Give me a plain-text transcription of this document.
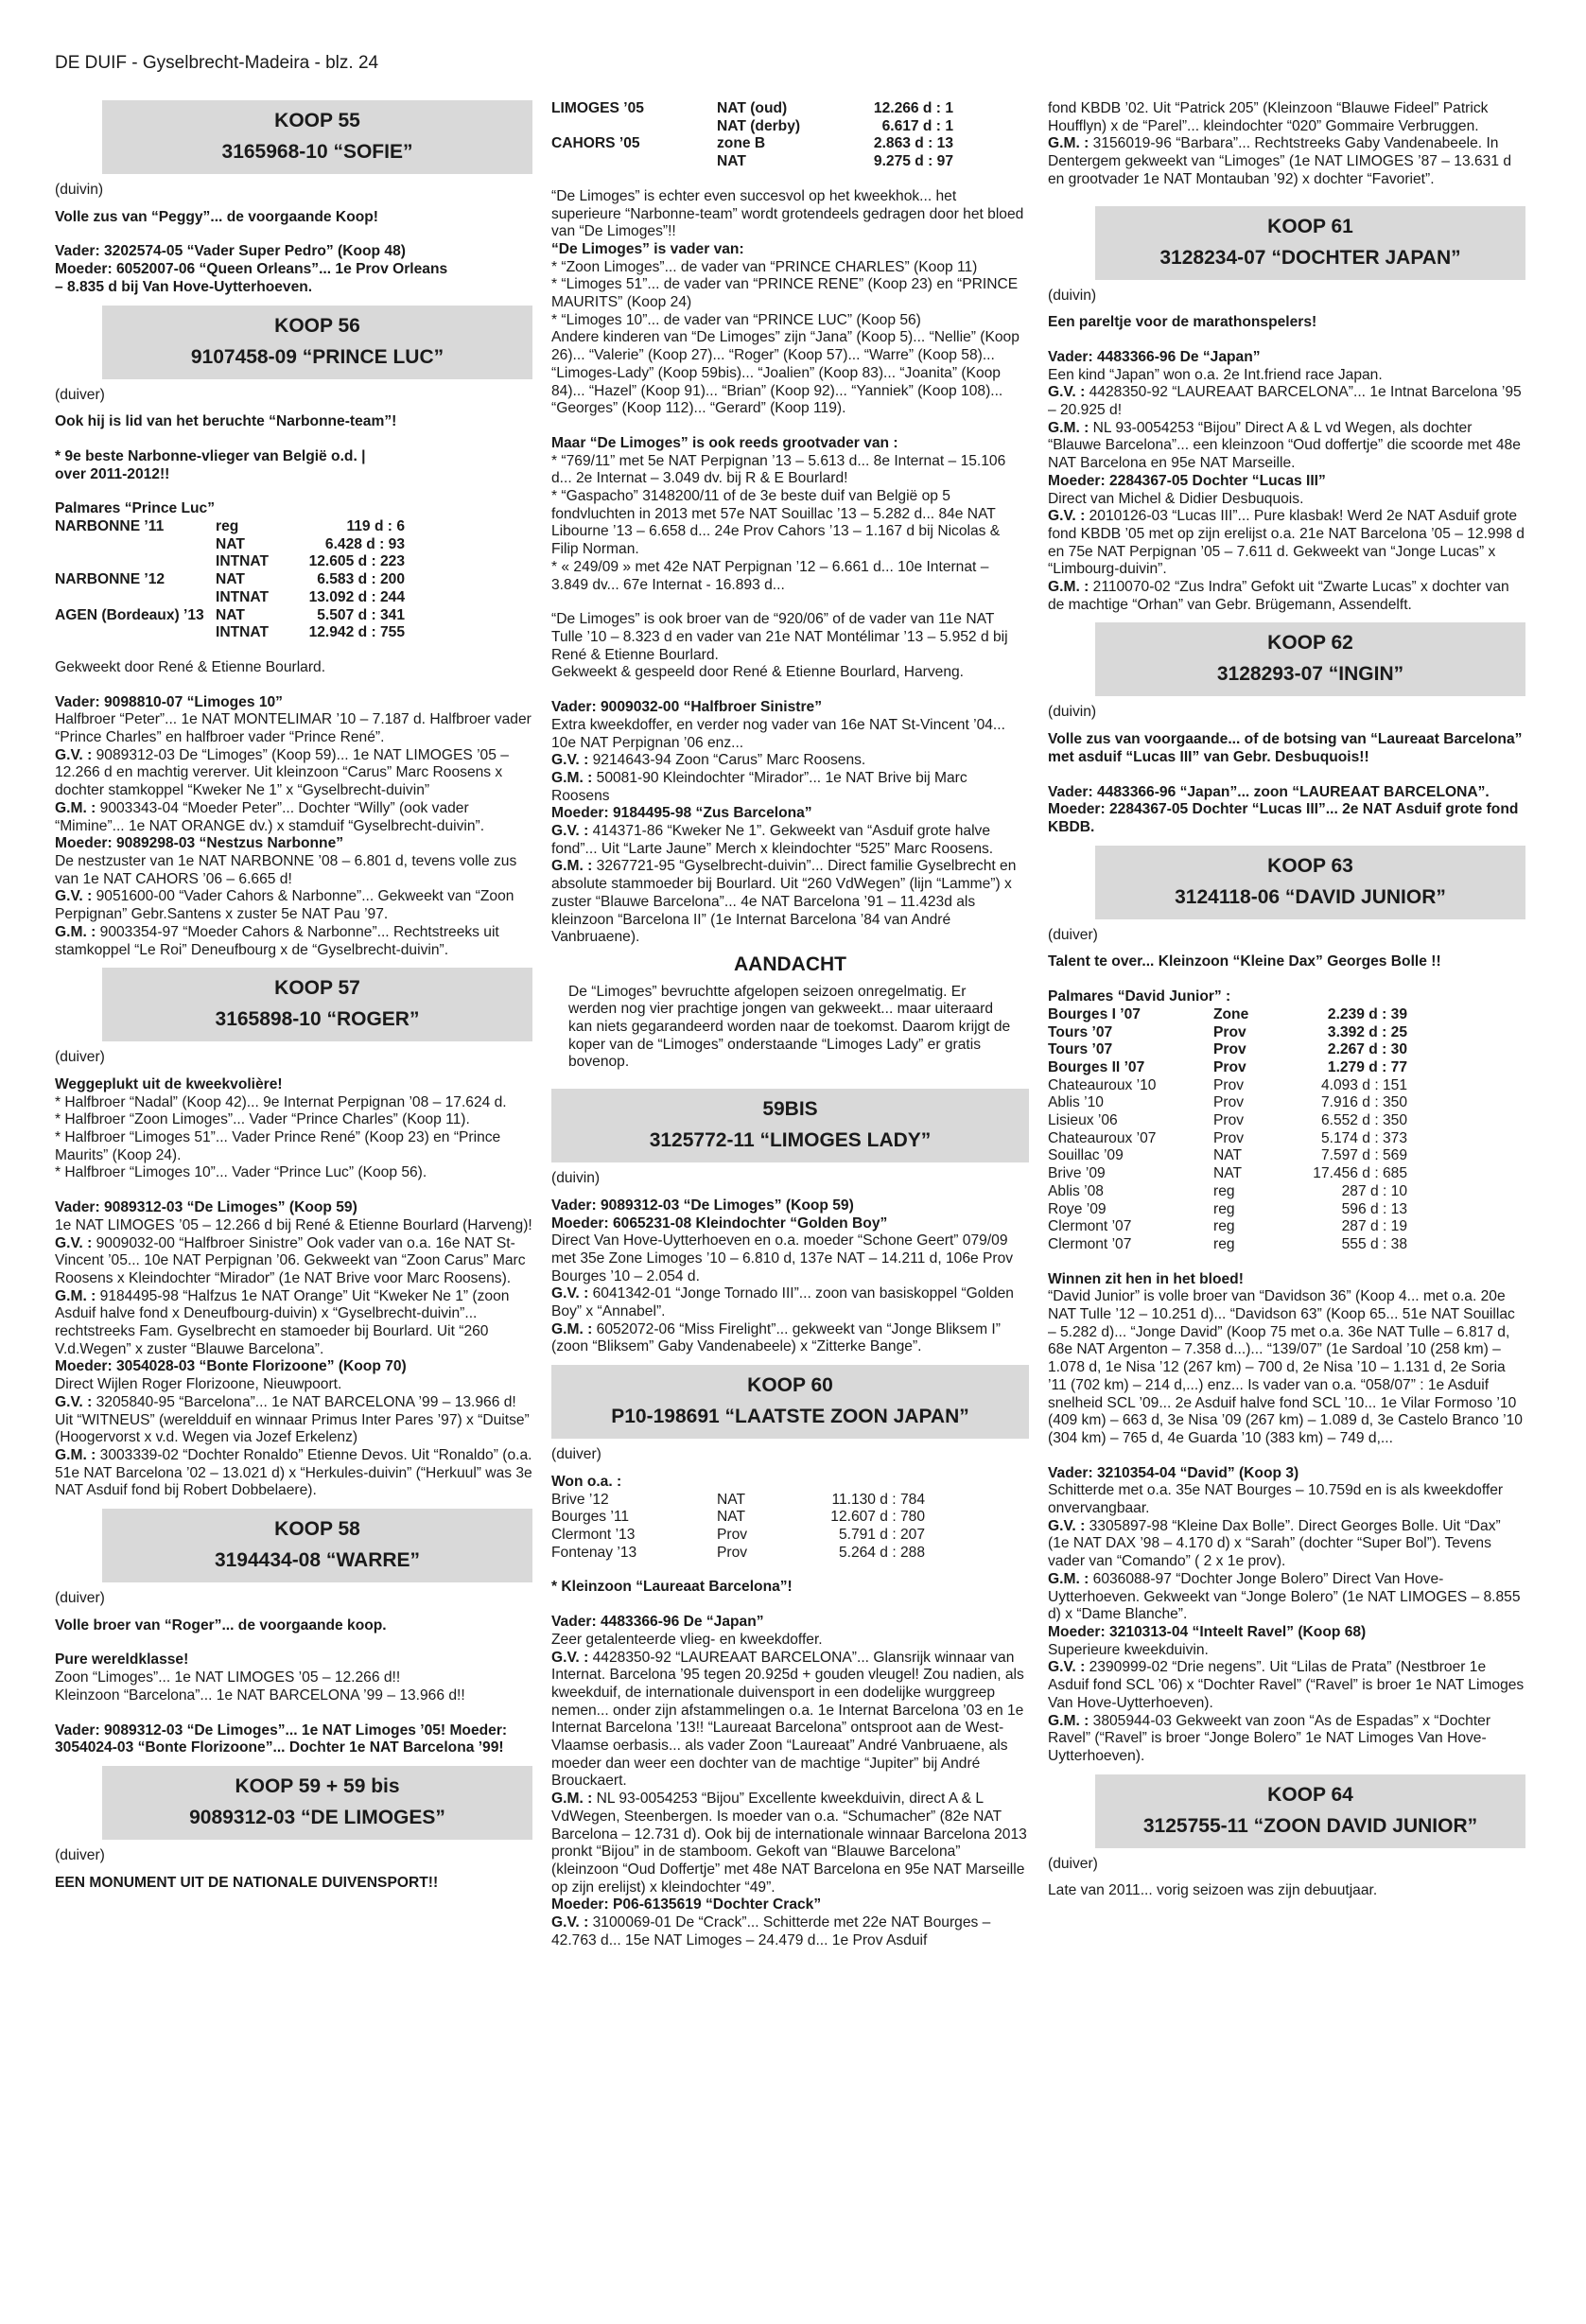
DE DUIF - Gyselbrecht-Madeira - blz. 24
KOOP 55
3165968-10 “SOFIE”
(duivin)

Volle zus van “Peggy”... de voorgaande Koop!

Vader: 3202574-05 “Vader Super Pedro” (Koop 48)

Moeder: 6052007-06 “Queen Orleans”... 1e Prov Orleans

– 8.835 d bij Van Hove-Uytterhoeven.

KOOP 56
9107458-09 “PRINCE LUC”
(duiver)

Ook hij is lid van het beruchte “Narbonne-team”!

* 9e beste Narbonne-vlieger van België o.d. |

over 2011-2012!!

Palmares “Prince Luc”

NARBONNE ’11	reg	119 d : 6
	NAT	6.428 d : 93
	INTNAT	12.605 d : 223
NARBONNE ’12	NAT	6.583 d : 200
	INTNAT	13.092 d : 244
AGEN (Bordeaux) ’13	NAT	5.507 d : 341
	INTNAT	12.942 d : 755

Gekweekt door René & Etienne Bourlard.

Vader: 9098810-07 “Limoges 10”

Halfbroer “Peter”... 1e NAT MONTELIMAR ’10 – 7.187 d. Halfbroer vader “Prince Charles” en halfbroer vader “Prince René”.

G.V. : 9089312-03 De “Limoges” (Koop 59)... 1e NAT LIMOGES ’05 – 12.266 d en machtig vererver. Uit kleinzoon “Carus” Marc Roosens x dochter stamkoppel “Kweker Ne 1” x “Gyselbrecht-duivin”

G.M. : 9003343-04 “Moeder Peter”... Dochter “Willy” (ook vader “Mimine”... 1e NAT ORANGE dv.) x stamduif “Gyselbrecht-duivin”.

Moeder: 9089298-03 “Nestzus Narbonne”

De nestzuster van 1e NAT NARBONNE ’08 – 6.801 d, tevens volle zus van 1e NAT CAHORS ’06 – 6.665 d!

G.V. : 9051600-00 “Vader Cahors & Narbonne”... Gekweekt van “Zoon Perpignan” Gebr.Santens x zuster 5e NAT Pau ’97.

G.M. : 9003354-97 “Moeder Cahors & Narbonne”... Rechtstreeks uit stamkoppel “Le Roi” Deneufbourg x de “Gyselbrecht-duivin”.

KOOP 57
3165898-10 “ROGER”
(duiver)

Weggeplukt uit de kweekvolière!

* Halfbroer “Nadal” (Koop 42)... 9e Internat Perpignan ’08 – 17.624 d.

* Halfbroer “Zoon Limoges”... Vader “Prince Charles” (Koop 11).

* Halfbroer “Limoges 51”... Vader Prince René” (Koop 23) en “Prince Maurits” (Koop 24).

* Halfbroer “Limoges 10”... Vader “Prince Luc” (Koop 56).

Vader: 9089312-03 “De Limoges” (Koop 59)

1e NAT LIMOGES ’05 – 12.266 d bij René & Etienne Bourlard (Harveng)!

G.V. : 9009032-00 “Halfbroer Sinistre” Ook vader van o.a. 16e NAT St-Vincent ’05... 10e NAT Perpignan ’06. Gekweekt van “Zoon Carus” Marc Roosens x Kleindochter “Mirador” (1e NAT Brive voor Marc Roosens).

G.M. : 9184495-98 “Halfzus 1e NAT Orange” Uit “Kweker Ne 1” (zoon Asduif halve fond x Deneufbourg-duivin) x “Gyselbrecht-duivin”... rechtstreeks Fam. Gyselbrecht en stamoeder bij Bourlard. Uit “260 V.d.Wegen” x zuster “Blauwe Barcelona”.

Moeder: 3054028-03 “Bonte Florizoone” (Koop 70)

Direct Wijlen Roger Florizoone, Nieuwpoort.

G.V. : 3205840-95 “Barcelona”... 1e NAT BARCELONA ’99 – 13.966 d! Uit “WITNEUS” (wereldduif en winnaar Primus Inter Pares ’97) x “Duitse” (Hoogervorst x v.d. Wegen via Jozef Erkelenz)

G.M. : 3003339-02 “Dochter Ronaldo” Etienne Devos. Uit “Ronaldo” (o.a. 51e NAT Barcelona ’02 – 13.021 d) x “Herkules-duivin” (“Herkuul” was 3e NAT Asduif fond bij Robert Dobbelaere).

KOOP 58
3194434-08 “WARRE”
(duiver)

Volle broer van “Roger”... de voorgaande koop.

Pure wereldklasse!

Zoon “Limoges”... 1e NAT LIMOGES ’05 – 12.266 d!!

Kleinzoon “Barcelona”... 1e NAT BARCELONA ’99 – 13.966 d!!

Vader: 9089312-03 “De Limoges”... 1e NAT Limoges ’05! Moeder: 3054024-03 “Bonte Florizoone”... Dochter 1e NAT Barcelona ’99!

KOOP 59 + 59 bis
9089312-03 “DE LIMOGES”
(duiver)

EEN MONUMENT UIT DE NATIONALE DUIVENSPORT!!

LIMOGES ’05	NAT (oud)	12.266 d : 1
	NAT (derby)	6.617 d : 1
CAHORS ’05	zone B	2.863 d : 13
	NAT	9.275 d : 97

“De Limoges” is echter even succesvol op het kweekhok... het superieure “Narbonne-team” wordt grotendeels gedragen door het bloed van “De Limoges”!!

“De Limoges” is vader van:

* “Zoon Limoges”... de vader van “PRINCE CHARLES” (Koop 11)
* “Limoges 51”... de vader van “PRINCE RENE” (Koop 23) en “PRINCE MAURITS” (Koop 24)
* “Limoges 10”... de vader van “PRINCE LUC” (Koop 56)
Andere kinderen van “De Limoges” zijn “Jana” (Koop 5)... “Nellie” (Koop 26)... “Valerie” (Koop 27)... “Roger” (Koop 57)... “Warre” (Koop 58)... “Limoges-Lady” (Koop 59bis)... “Joalien” (Koop 83)... “Joanita” (Koop 84)... “Hazel” (Koop 91)... “Brian” (Koop 92)... “Yanniek” (Koop 108)... “Georges” (Koop 112)... “Gerard” (Koop 119).

Maar “De Limoges” is ook reeds grootvader van :

* “769/11” met 5e NAT Perpignan ’13 – 5.613 d... 8e Internat – 15.106 d... 2e Internat – 3.049 dv. bij R & E Bourlard!
* “Gaspacho” 3148200/11 of de 3e beste duif van België op 5 fondvluchten in 2013 met 57e NAT Souillac ’13 – 5.282 d... 84e NAT Libourne ’13 – 6.658 d... 24e Prov Cahors ’13 – 1.167 d bij Nicolas & Filip Norman.
* « 249/09 » met 42e NAT Perpignan ’12 – 6.661 d... 10e Internat – 3.849 dv... 67e Internat - 16.893 d...

“De Limoges” is ook broer van de “920/06” of de vader van 11e NAT Tulle ’10 – 8.323 d en vader van 21e NAT Montélimar ’13 – 5.952 d bij René & Etienne Bourlard.
Gekweekt & gespeeld door René & Etienne Bourlard, Harveng.

Vader: 9009032-00 “Halfbroer Sinistre”

Extra kweekdoffer, en verder nog vader van 16e NAT St-Vincent ’04... 10e NAT Perpignan ’06 enz...

G.V. : 9214643-94 Zoon “Carus” Marc Roosens.

G.M. : 50081-90 Kleindochter “Mirador”... 1e NAT Brive bij Marc Roosens

Moeder: 9184495-98 “Zus Barcelona”

G.V. : 414371-86 “Kweker Ne 1”. Gekweekt van “Asduif grote halve fond”... Uit “Larte Jaune” Merch x kleindochter “525” Marc Roosens.

G.M. : 3267721-95 “Gyselbrecht-duivin”... Direct familie Gyselbrecht en absolute stammoeder bij Bourlard. Uit “260 VdWegen” (lijn “Lamme”) x zuster “Blauwe Barcelona”... 4e NAT Barcelona ’91 – 11.423d als kleinzoon “Barcelona II” (1e Internat Barcelona ’84 van André Vanbruaene).

AANDACHT

De “Limoges” bevruchtte afgelopen seizoen onregelmatig. Er werden nog vier prachtige jongen van gekweekt... maar uiteraard kan niets gegarandeerd worden naar de toekomst. Daarom krijgt de koper van de “Limoges” onderstaande “Limoges Lady” er gratis bovenop.

59BIS
3125772-11 “LIMOGES LADY”
(duivin)

Vader: 9089312-03 “De Limoges” (Koop 59)

Moeder: 6065231-08 Kleindochter “Golden Boy”

Direct Van Hove-Uytterhoeven en o.a. moeder “Schone Geert” 079/09 met 35e Zone Limoges ’10 – 6.810 d, 137e NAT – 14.211 d, 106e Prov Bourges ’10 – 2.054 d.

G.V. : 6041342-01 “Jonge Tornado III”... zoon van basiskoppel “Golden Boy” x “Annabel”.

G.M. : 6052072-06 “Miss Firelight”... gekweekt van “Jonge Bliksem I” (zoon “Bliksem” Gaby Vandenabeele) x “Zitterke Bange”.

KOOP 60
P10-198691 “LAATSTE ZOON JAPAN”
(duiver)

Won o.a. :

Brive ’12	NAT	11.130 d : 784
Bourges ’11	NAT	12.607 d : 780
Clermont ’13	Prov	5.791 d : 207
Fontenay ’13	Prov	5.264 d : 288

* Kleinzoon “Laureaat Barcelona”!

Vader: 4483366-96 De “Japan”

Zeer getalenteerde vlieg- en kweekdoffer.

G.V. : 4428350-92 “LAUREAAT BARCELONA”... Glansrijk winnaar van Internat. Barcelona ’95 tegen 20.925d + gouden vleugel! Zou nadien, als kweekduif, de internationale duivensport in een dodelijke wurggreep nemen... onder zijn afstammelingen o.a. 1e Internat Barcelona ’03 en 1e Internat Barcelona ’13!! “Laureaat Barcelona” ontsproot aan de West-Vlaamse oerbasis... als vader Zoon “Laureaat” André Vanbruaene, als moeder dan weer een dochter van de machtige “Jupiter” bij André Brouckaert.

G.M. : NL 93-0054253 “Bijou” Excellente kweekduivin, direct A & L VdWegen, Steenbergen. Is moeder van o.a. “Schumacher” (82e NAT Barcelona – 12.731 d). Ook bij de internationale winnaar Barcelona 2013 pronkt “Bijou” in de stamboom. Gekoft van “Blauwe Barcelona” (kleinzoon “Oud Doffertje” met 48e NAT Barcelona en 95e NAT Marseille op zijn erelijst) x kleindochter “49”.

Moeder: P06-6135619 “Dochter Crack”

G.V. : 3100069-01 De “Crack”... Schitterde met 22e NAT Bourges – 42.763 d... 15e NAT Limoges – 24.479 d... 1e Prov Asduif

fond KBDB ’02. Uit “Patrick 205” (Kleinzoon “Blauwe Fideel” Patrick Houfflyn) x de “Parel”... kleindochter “020” Gommaire Verbruggen.

G.M. : 3156019-96 “Barbara”... Rechtstreeks Gaby Vandenabeele. In Dentergem gekweekt van “Limoges” (1e NAT LIMOGES ’87 – 13.631 d en grootvader 1e NAT Montauban ’92) x dochter “Favoriet”.

KOOP 61
3128234-07 “DOCHTER JAPAN”
(duivin)

Een pareltje voor de marathonspelers!

Vader: 4483366-96 De “Japan”

Een kind “Japan” won o.a. 2e Int.friend race Japan.

G.V. : 4428350-92 “LAUREAAT BARCELONA”... 1e Intnat Barcelona ’95 – 20.925 d!

G.M. : NL 93-0054253 “Bijou” Direct A & L vd Wegen, als dochter “Blauwe Barcelona”... een kleinzoon “Oud doffertje” die scoorde met 48e NAT Barcelona en 95e NAT Marseille.

Moeder: 2284367-05 Dochter “Lucas III”

Direct van Michel & Didier Desbuquois.

G.V. : 2010126-03 “Lucas III”... Pure klasbak! Werd 2e NAT Asduif grote fond KBDB ’05 met op zijn erelijst o.a. 21e NAT Barcelona ’05 – 12.998 d en 75e NAT Perpignan ’05 – 7.611 d. Gekweekt van “Jonge Lucas” x “Limbourg-duivin”.

G.M. : 2110070-02 “Zus Indra” Gefokt uit “Zwarte Lucas” x dochter van de machtige “Orhan” van Gebr. Brügemann, Assendelft.

KOOP 62
3128293-07 “INGIN”
(duivin)

Volle zus van voorgaande... of de botsing van “Laureaat Barcelona” met asduif “Lucas III” van Gebr. Desbuquois!!

Vader: 4483366-96 “Japan”... zoon “LAUREAAT BARCELONA”.

Moeder: 2284367-05 Dochter “Lucas III”... 2e NAT Asduif grote fond KBDB.

KOOP 63
3124118-06 “DAVID JUNIOR”
(duiver)

Talent te over... Kleinzoon “Kleine Dax” Georges Bolle !!

Palmares “David Junior” :

Bourges I ’07	Zone	2.239 d : 39
Tours ’07	Prov	3.392 d : 25
Tours ’07	Prov	2.267 d : 30
Bourges II ’07	Prov	1.279 d : 77
Chateauroux ’10	Prov	4.093 d : 151
Ablis ’10	Prov	7.916 d : 350
Lisieux ’06	Prov	6.552 d : 350
Chateauroux ’07	Prov	5.174 d : 373
Souillac ’09	NAT	7.597 d : 569
Brive ’09	NAT	17.456 d : 685
Ablis ’08	reg	287 d : 10
Roye ’09	reg	596 d : 13
Clermont ’07	reg	287 d : 19
Clermont ’07	reg	555 d : 38

Winnen zit hen in het bloed!

“David Junior” is volle broer van “Davidson 36” (Koop 4... met o.a. 20e NAT Tulle ’12 – 10.251 d)... “Davidson 63” (Koop 65... 51e NAT Souillac – 5.282 d)... “Jonge David” (Koop 75 met o.a. 36e NAT Tulle – 6.817 d, 68e NAT Argenton – 7.358 d...)... “139/07” (1e Sardoal ’10 (258 km) – 1.078 d, 1e Nisa ’12 (267 km) – 700 d, 2e Nisa ’10 – 1.131 d, 2e Soria ’11 (702 km) – 214 d,...) enz... Is vader van o.a. “058/07” : 1e Asduif snelheid SCL ’09... 2e Asduif halve fond SCL ’10... 1e Vilar Formoso ’10 (409 km) – 663 d, 3e Nisa ’09 (267 km) – 1.089 d, 3e Castelo Branco ’10 (304 km) – 765 d, 4e Guarda ’10 (383 km) – 749 d,...

Vader: 3210354-04 “David” (Koop 3)

Schitterde met o.a. 35e NAT Bourges – 10.759d en is als kweekdoffer onvervangbaar.

G.V. : 3305897-98 “Kleine Dax Bolle”. Direct Georges Bolle. Uit “Dax” (1e NAT DAX ’98 – 4.170 d) x “Sarah” (dochter “Super Bol”). Tevens vader van “Comando” ( 2 x 1e prov).

G.M. : 6036088-97 “Dochter Jonge Bolero” Direct Van Hove-Uytterhoeven. Gekweekt van “Jonge Bolero” (1e NAT LIMOGES – 8.855 d) x “Dame Blanche”.

Moeder: 3210313-04 “Inteelt Ravel” (Koop 68)

Superieure kweekduivin.

G.V. : 2390999-02 “Drie negens”. Uit “Lilas de Prata” (Nestbroer 1e Asduif fond SCL ’06) x “Dochter Ravel” (“Ravel” is broer 1e NAT Limoges Van Hove-Uytterhoeven).

G.M. : 3805944-03 Gekweekt van zoon “As de Espadas” x “Dochter Ravel” (“Ravel” is broer “Jonge Bolero” 1e NAT Limoges Van Hove-Uytterhoeven).

KOOP 64
3125755-11 “ZOON DAVID JUNIOR”
(duiver)

Late van 2011... vorig seizoen was zijn debuutjaar.
